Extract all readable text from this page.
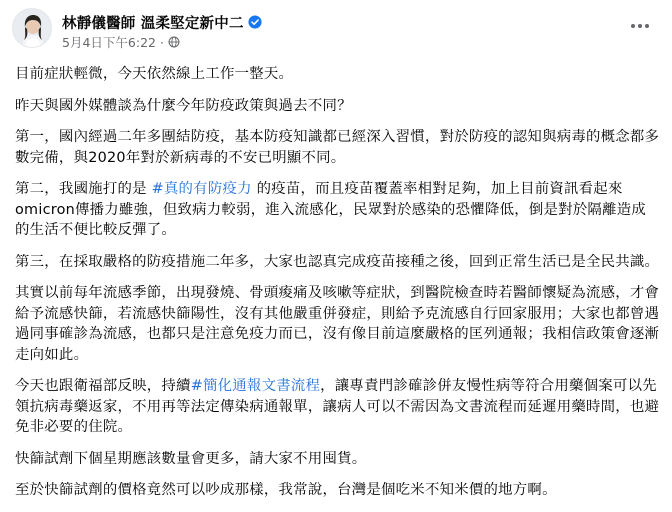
林靜儀醫師 溫柔堅定新中二
5月4日下午6:22 ·

目前症狀輕微，今天依然線上工作一整天。

昨天與國外媒體談為什麼今年防疫政策與過去不同？

第一，國內經過二年多團結防疫，基本防疫知識都已經深入習慣，對於防疫的認知與病毒的概念都多數完備，與2020年對於新病毒的不安已明顯不同。

第二，我國施打的是 #真的有防疫力 的疫苗，而且疫苗覆蓋率相對足夠，加上目前資訊看起來omicron傳播力雖強，但致病力較弱，進入流感化，民眾對於感染的恐懼降低，倒是對於隔離造成的生活不便比較反彈了。

第三，在採取嚴格的防疫措施二年多，大家也認真完成疫苗接種之後，回到正常生活已是全民共識。

其實以前每年流感季節，出現發燒、骨頭痠痛及咳嗽等症狀，到醫院檢查時若醫師懷疑為流感，才會給予流感快篩，若流感快篩陽性，沒有其他嚴重併發症，則給予克流感自行回家服用；大家也都曾遇過同事確診為流感，也都只是注意免疫力而已，沒有像目前這麼嚴格的匡列通報；我相信政策會逐漸走向如此。

今天也跟衛福部反映，持續#簡化通報文書流程，讓專責門診確診併友慢性病等符合用藥個案可以先領抗病毒藥返家，不用再等法定傳染病通報單，讓病人可以不需因為文書流程而延遲用藥時間，也避免非必要的住院。

快篩試劑下個星期應該數量會更多，請大家不用囤貨。

至於快篩試劑的價格竟然可以吵成那樣，我常說，台灣是個吃米不知米價的地方啊。
